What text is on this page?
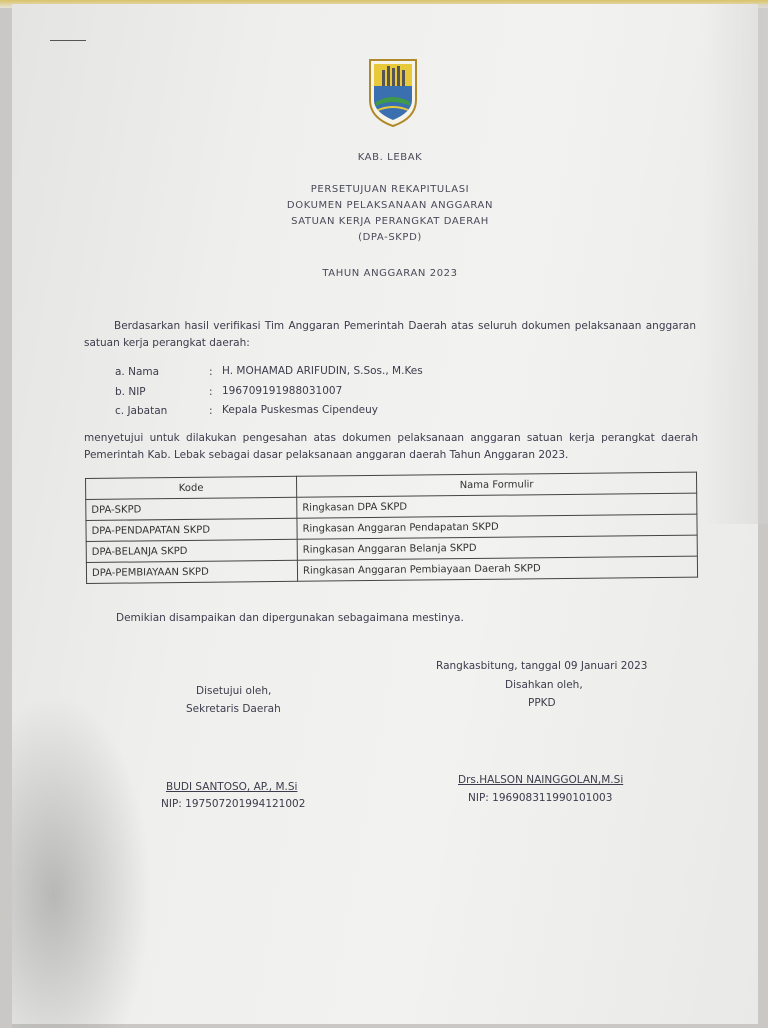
KAB. LEBAK
PERSETUJUAN REKAPITULASI
DOKUMEN PELAKSANAAN ANGGARAN
SATUAN KERJA PERANGKAT DAERAH
(DPA-SKPD)
TAHUN ANGGARAN 2023
Berdasarkan hasil verifikasi Tim Anggaran Pemerintah Daerah atas seluruh dokumen pelaksanaan anggaran satuan kerja perangkat daerah:
a. Nama	: H. MOHAMAD ARIFUDIN, S.Sos., M.Kes
b. NIP	: 196709191988031007
c. Jabatan	: Kepala Puskesmas Cipendeuy
menyetujui untuk dilakukan pengesahan atas dokumen pelaksanaan anggaran satuan kerja perangkat daerah Pemerintah Kab. Lebak sebagai dasar pelaksanaan anggaran daerah Tahun Anggaran 2023.
Kode	Nama Formulir
DPA-SKPD	Ringkasan DPA SKPD
DPA-PENDAPATAN SKPD	Ringkasan Anggaran Pendapatan SKPD
DPA-BELANJA SKPD	Ringkasan Anggaran Belanja SKPD
DPA-PEMBIAYAAN SKPD	Ringkasan Anggaran Pembiayaan Daerah SKPD
Demikian disampaikan dan dipergunakan sebagaimana mestinya.
Rangkasbitung, tanggal 09 Januari 2023
Disahkan oleh,
PPKD
Drs.HALSON NAINGGOLAN,M.Si
NIP: 196908311990101003
Disetujui oleh,
Sekretaris Daerah
BUDI SANTOSO, AP., M.Si
NIP: 197507201994121002
